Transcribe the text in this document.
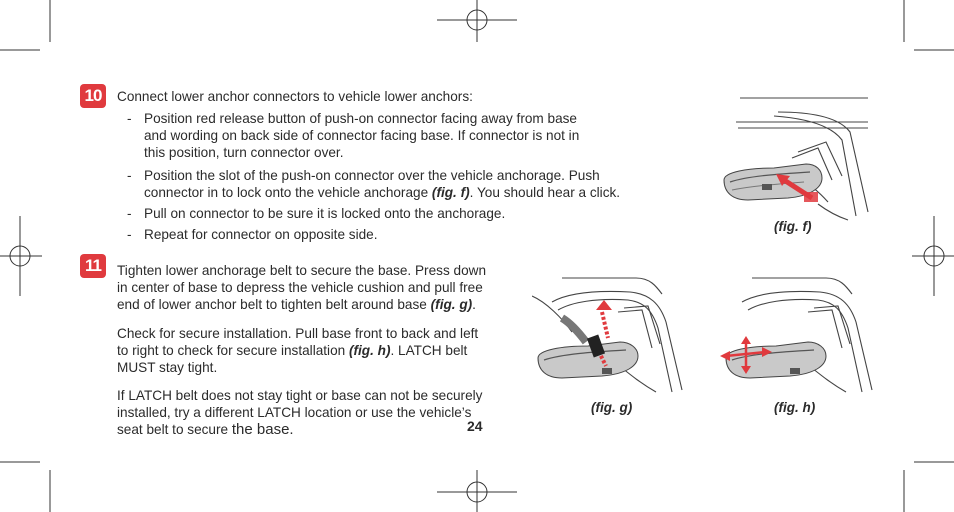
10	Connect lower anchor connectors to vehicle lower anchors:
- Position red release button of push-on connector facing away from base
and wording on back side of connector facing base. If connector is not in
this position, turn connector over.
- Position the slot of the push-on connector over the vehicle anchorage. Push
connector in to lock onto the vehicle anchorage (fig. f). You should hear a click.
- Pull on connector to be sure it is locked onto the anchorage.
- Repeat for connector on opposite side.
11	Tighten lower anchorage belt to secure the base. Press down
in center of base to depress the vehicle cushion and pull free
end of lower anchor belt to tighten belt around base (fig. g).
Check for secure installation. Pull base front to back and left
to right to check for secure installation (fig. h). LATCH belt
MUST stay tight.
If LATCH belt does not stay tight or base can not be securely
installed, try a different LATCH location or use the vehicle’s
seat belt to secure the base.	24
(fig. f)
(fig. g)	(fig. h)
